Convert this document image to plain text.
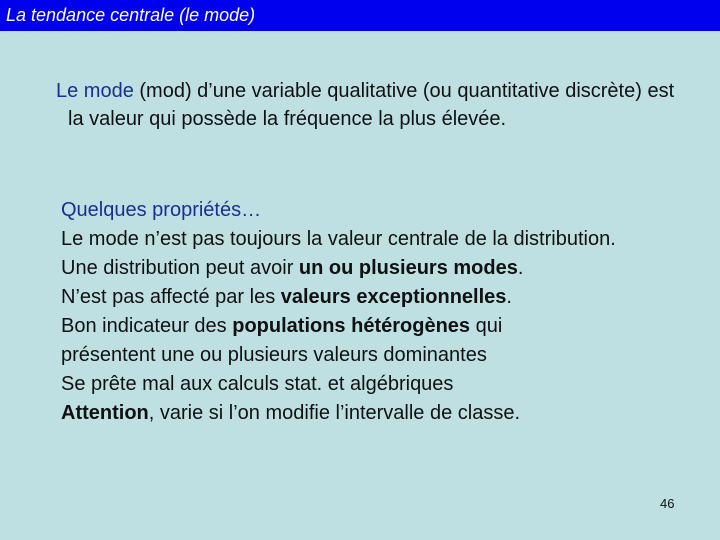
La tendance centrale (le mode)
Le mode (mod) d’une variable qualitative (ou quantitative discrète) est la valeur qui possède la fréquence la plus élevée.
Quelques propriétés…
Le mode n’est pas toujours la valeur centrale de la distribution.
Une distribution peut avoir un ou plusieurs modes.
N’est pas affecté par les valeurs exceptionnelles.
Bon indicateur des populations hétérogènes qui présentent une ou plusieurs valeurs dominantes
Se prête mal aux calculs stat. et algébriques
Attention, varie si l’on modifie l’intervalle de classe.
46
